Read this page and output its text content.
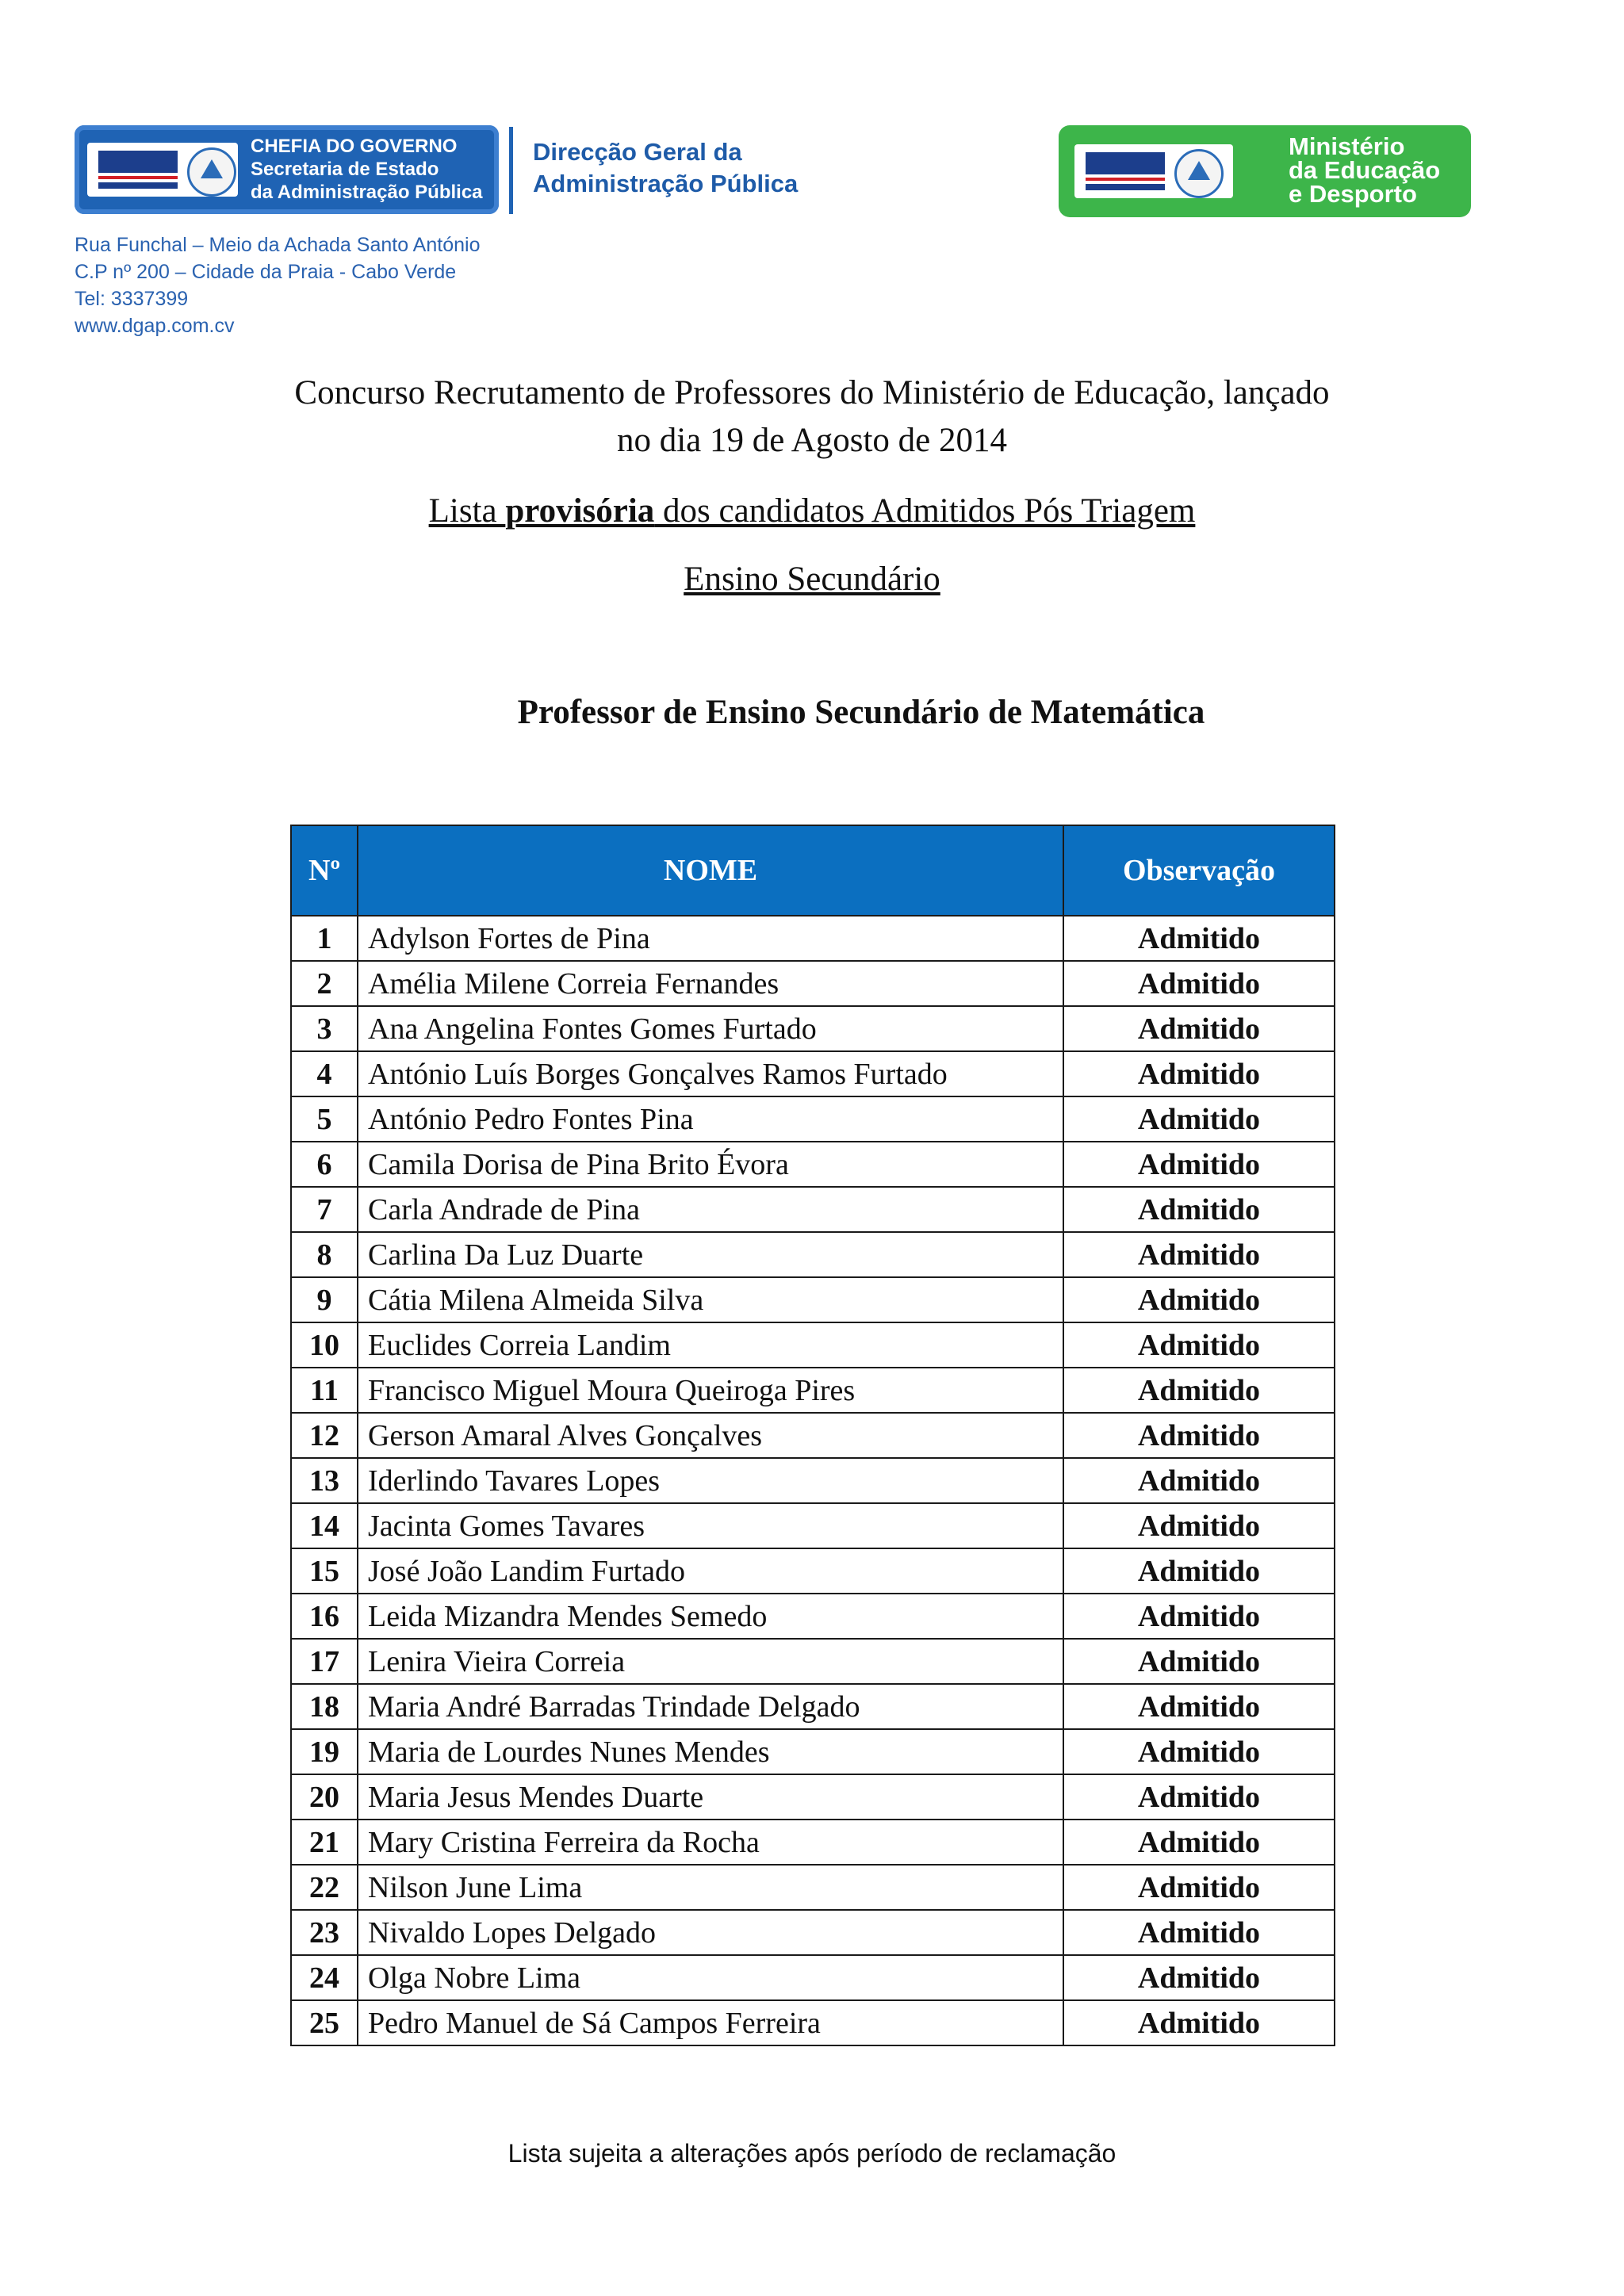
CHEFIA DO GOVERNO
Secretaria de Estado
da Administração Pública
Direcção Geral da
Administração Pública
Ministério
da Educação
e Desporto
Rua Funchal – Meio da Achada Santo António
C.P nº 200 – Cidade da Praia - Cabo Verde
Tel: 3337399
www.dgap.com.cv
Concurso Recrutamento de Professores do Ministério de Educação, lançado
no dia 19 de Agosto de 2014
Lista provisória dos candidatos Admitidos Pós Triagem
Ensino Secundário
Professor de Ensino Secundário de Matemática
Nº	NOME	Observação
1	Adylson Fortes de Pina	Admitido
2	Amélia Milene Correia Fernandes	Admitido
3	Ana Angelina Fontes Gomes Furtado	Admitido
4	António Luís Borges Gonçalves Ramos Furtado	Admitido
5	António Pedro Fontes Pina	Admitido
6	Camila Dorisa de Pina Brito Évora	Admitido
7	Carla Andrade de Pina	Admitido
8	Carlina Da Luz Duarte	Admitido
9	Cátia Milena Almeida Silva	Admitido
10	Euclides Correia Landim	Admitido
11	Francisco Miguel Moura Queiroga Pires	Admitido
12	Gerson Amaral Alves Gonçalves	Admitido
13	Iderlindo Tavares Lopes	Admitido
14	Jacinta Gomes Tavares	Admitido
15	José João Landim Furtado	Admitido
16	Leida Mizandra Mendes Semedo	Admitido
17	Lenira Vieira Correia	Admitido
18	Maria André Barradas Trindade Delgado	Admitido
19	Maria de Lourdes Nunes Mendes	Admitido
20	Maria Jesus Mendes Duarte	Admitido
21	Mary Cristina Ferreira da Rocha	Admitido
22	Nilson June Lima	Admitido
23	Nivaldo Lopes Delgado	Admitido
24	Olga Nobre Lima	Admitido
25	Pedro Manuel de Sá Campos Ferreira	Admitido
Lista sujeita a alterações após período de reclamação
